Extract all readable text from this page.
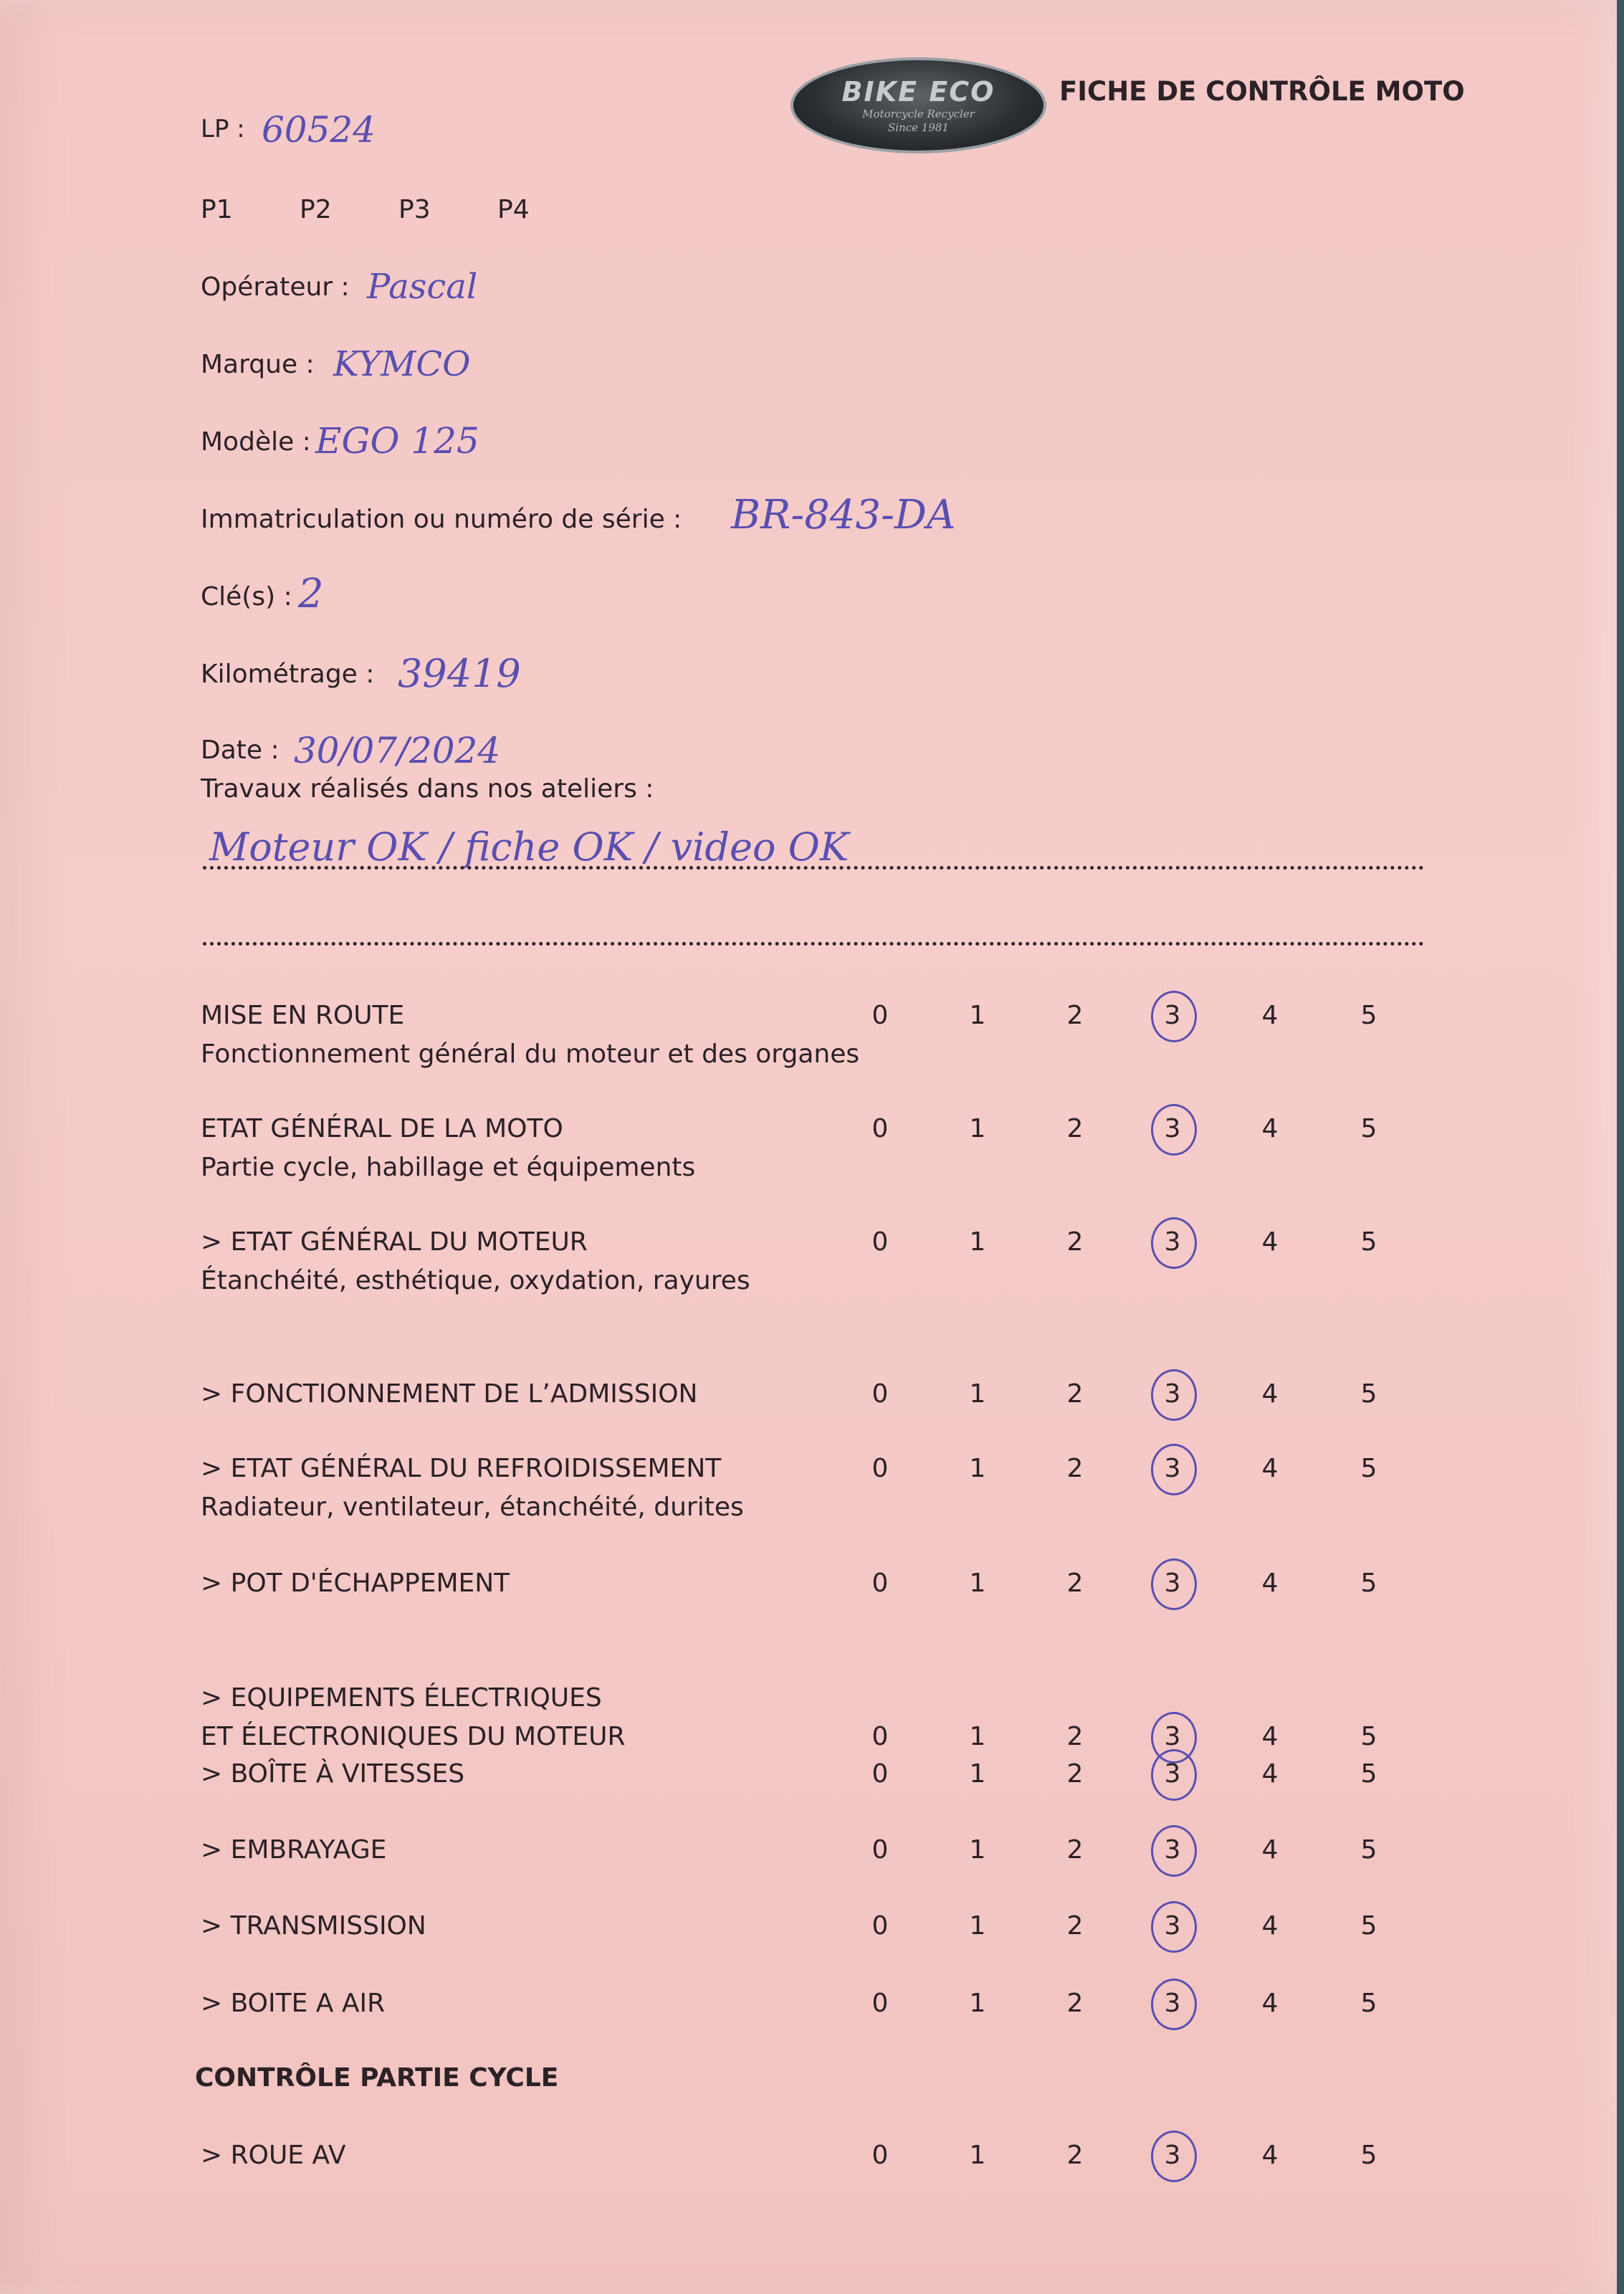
BIKE ECO
Motorcycle Recycler
Since 1981
FICHE DE CONTRÔLE MOTO
LP : 60524
P1	P2	P3	P4
Opérateur : Pascal
Marque : KYMCO
Modèle : EGO 125
Immatriculation ou numéro de série : BR-843-DA
Clé(s) : 2
Kilométrage : 39419
Date : 30/07/2024
Travaux réalisés dans nos ateliers :
Moteur OK / fiche OK / video OK
MISE EN ROUTE
Fonctionnement général du moteur et des organes
0	1	2	3	4	5
ETAT GÉNÉRAL DE LA MOTO
Partie cycle, habillage et équipements
0	1	2	3	4	5
> ETAT GÉNÉRAL DU MOTEUR
Étanchéité, esthétique, oxydation, rayures
0	1	2	3	4	5
> FONCTIONNEMENT DE L’ADMISSION	0	1	2	3	4	5
> ETAT GÉNÉRAL DU REFROIDISSEMENT
Radiateur, ventilateur, étanchéité, durites
0	1	2	3	4	5
> POT D'ÉCHAPPEMENT	0	1	2	3	4	5
> EQUIPEMENTS ÉLECTRIQUES
ET ÉLECTRONIQUES DU MOTEUR	0	1	2	3	4	5
> BOÎTE À VITESSES	0	1	2	3	4	5
> EMBRAYAGE	0	1	2	3	4	5
> TRANSMISSION	0	1	2	3	4	5
> BOITE A AIR	0	1	2	3	4	5
> ROUE AV	0	1	2	3	4	5
CONTRÔLE PARTIE CYCLE
